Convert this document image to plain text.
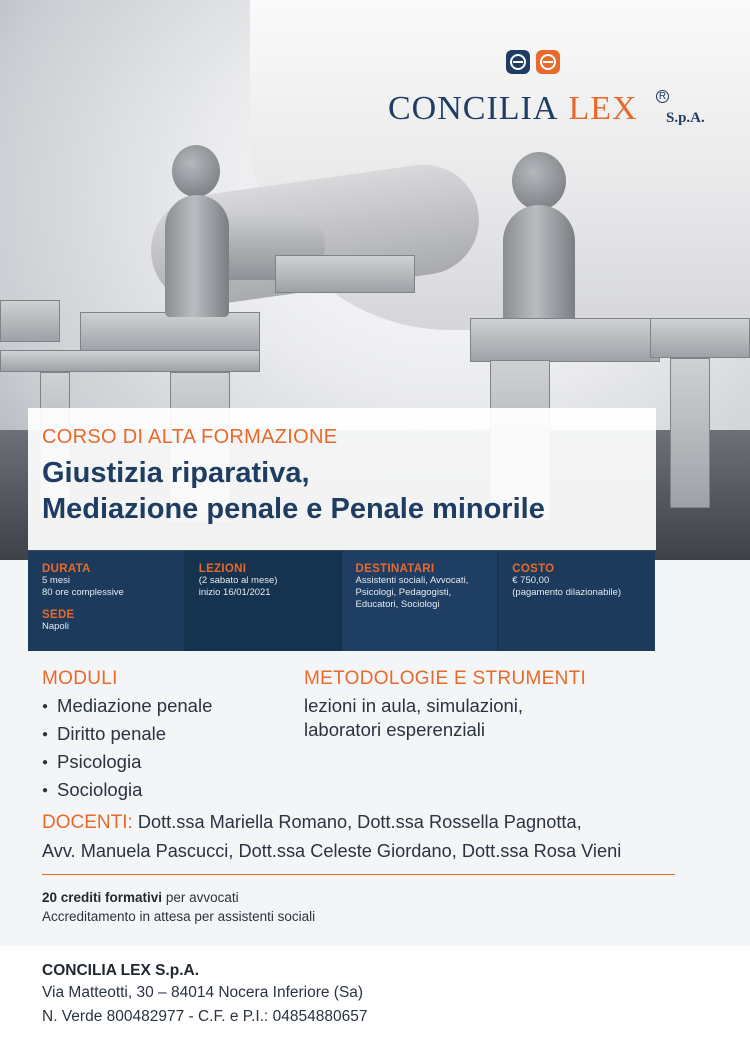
CONCILIA LEX R
S.p.A.
CORSO DI ALTA FORMAZIONE
Giustizia riparativa,
Mediazione penale e Penale minorile
DURATA
5 mesi
80 ore complessive
SEDE
Napoli
LEZIONI
(2 sabato al mese)
inizio 16/01/2021
DESTINATARI
Assistenti sociali, Avvocati,
Psicologi, Pedagogisti,
Educatori, Sociologi
COSTO
€ 750,00
(pagamento dilazionabile)
MODULI
● Mediazione penale
● Diritto penale
● Psicologia
● Sociologia
METODOLOGIE E STRUMENTI
lezioni in aula, simulazioni,
laboratori esperenziali
DOCENTI: Dott.ssa Mariella Romano, Dott.ssa Rossella Pagnotta,
Avv. Manuela Pascucci, Dott.ssa Celeste Giordano, Dott.ssa Rosa Vieni
20 crediti formativi per avvocati
Accreditamento in attesa per assistenti sociali
CONCILIA LEX S.p.A.
Via Matteotti, 30 – 84014 Nocera Inferiore (Sa)
N. Verde 800482977 - C.F. e P.I.: 04854880657
